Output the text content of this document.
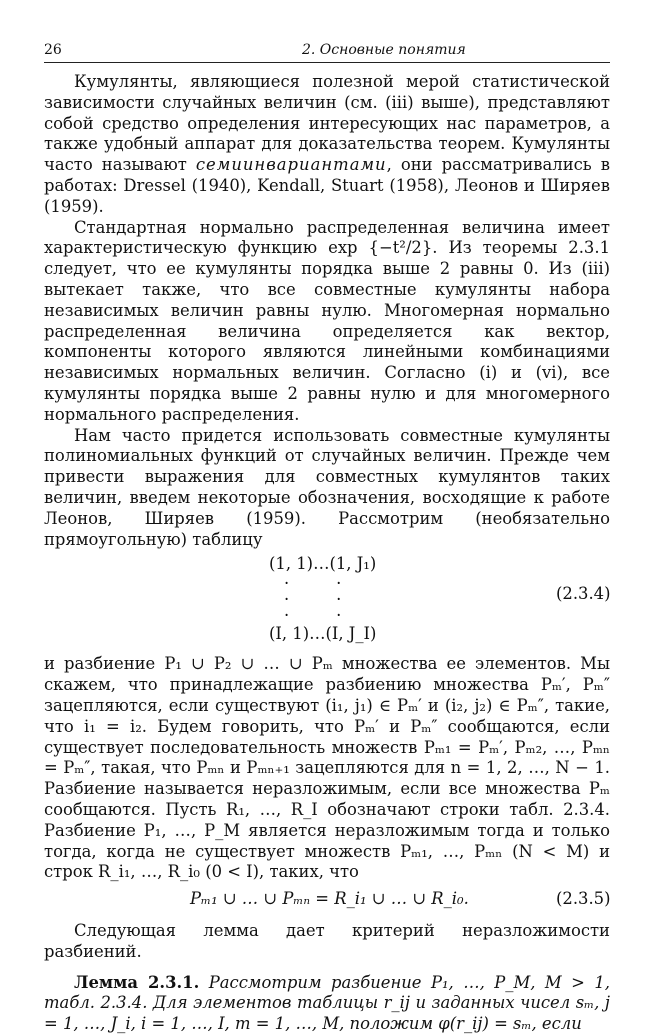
26	2. Основные понятия

Кумулянты, являющиеся полезной мерой статистической зависимости случайных величин (см. (iii) выше), представляют собой средство определения интересующих нас параметров, а также удобный аппарат для доказательства теорем. Кумулянты часто называют семиинвариантами, они рассматривались в работах: Dressel (1940), Kendall, Stuart (1958), Леонов и Ширяев (1959).

Стандартная нормально распределенная величина имеет характеристическую функцию exp {−t²/2}. Из теоремы 2.3.1 следует, что ее кумулянты порядка выше 2 равны 0. Из (iii) вытекает также, что все совместные кумулянты набора независимых величин равны нулю. Многомерная нормально распределенная величина определяется как вектор, компоненты которого являются линейными комбинациями независимых нормальных величин. Согласно (i) и (vi), все кумулянты порядка выше 2 равны нулю и для многомерного нормального распределения.

Нам часто придется использовать совместные кумулянты полиномиальных функций от случайных величин. Прежде чем привести выражения для совместных кумулянтов таких величин, введем некоторые обозначения, восходящие к работе Леонов, Ширяев (1959). Рассмотрим (необязательно прямоугольную) таблицу

(1, 1)…(1, J₁)
·         ·
·         ·
·         ·
(I, 1)…(I, J_I)
(2.3.4)

и разбиение P₁ ∪ P₂ ∪ … ∪ Pₘ множества ее элементов. Мы скажем, что принадлежащие разбиению множества Pₘ′, Pₘ″ зацепляются, если существуют (i₁, j₁) ∈ Pₘ′ и (i₂, j₂) ∈ Pₘ″, такие, что i₁ = i₂. Будем говорить, что Pₘ′ и Pₘ″ сообщаются, если существует последовательность множеств Pₘ₁ = Pₘ′, Pₘ₂, …, Pₘₙ = Pₘ″, такая, что Pₘₙ и Pₘₙ₊₁ зацепляются для n = 1, 2, …, N − 1. Разбиение называется неразложимым, если все множества Pₘ сообщаются. Пусть R₁, …, R_I обозначают строки табл. 2.3.4. Разбиение P₁, …, P_M является неразложимым тогда и только тогда, когда не существует множеств Pₘ₁, …, Pₘₙ (N < M) и строк R_i₁, …, R_i₀ (0 < I), таких, что

Pₘ₁ ∪ … ∪ Pₘₙ = R_i₁ ∪ … ∪ R_i₀.	(2.3.5)

Следующая лемма дает критерий неразложимости разбиений.

Лемма 2.3.1. Рассмотрим разбиение P₁, …, P_M, M > 1, табл. 2.3.4. Для элементов таблицы r_ij и заданных чисел sₘ, j = 1, …, J_i, i = 1, …, I, m = 1, …, M, положим φ(r_ij) = sₘ, если
